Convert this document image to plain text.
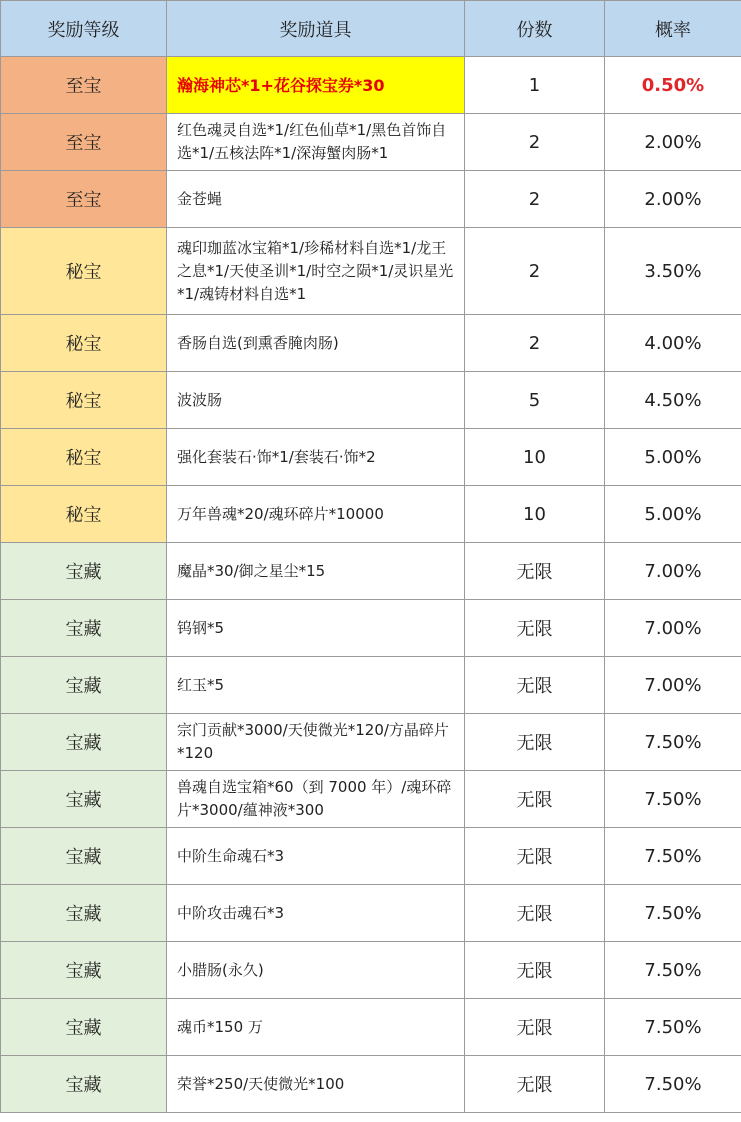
奖励等级	奖励道具	份数	概率
至宝	瀚海神芯*1+花谷探宝券*30	1	0.50%
至宝	红色魂灵自选*1/红色仙草*1/黑色首饰自选*1/五核法阵*1/深海蟹肉肠*1	2	2.00%
至宝	金苍蝇	2	2.00%
秘宝	魂印珈蓝冰宝箱*1/珍稀材料自选*1/龙王之息*1/天使圣训*1/时空之陨*1/灵识星光*1/魂铸材料自选*1	2	3.50%
秘宝	香肠自选(到熏香腌肉肠)	2	4.00%
秘宝	波波肠	5	4.50%
秘宝	强化套装石·饰*1/套装石·饰*2	10	5.00%
秘宝	万年兽魂*20/魂环碎片*10000	10	5.00%
宝藏	魔晶*30/御之星尘*15	无限	7.00%
宝藏	钨钢*5	无限	7.00%
宝藏	红玉*5	无限	7.00%
宝藏	宗门贡献*3000/天使微光*120/方晶碎片*120	无限	7.50%
宝藏	兽魂自选宝箱*60（到 7000 年）/魂环碎片*3000/蕴神液*300	无限	7.50%
宝藏	中阶生命魂石*3	无限	7.50%
宝藏	中阶攻击魂石*3	无限	7.50%
宝藏	小腊肠(永久)	无限	7.50%
宝藏	魂币*150 万	无限	7.50%
宝藏	荣誉*250/天使微光*100	无限	7.50%
